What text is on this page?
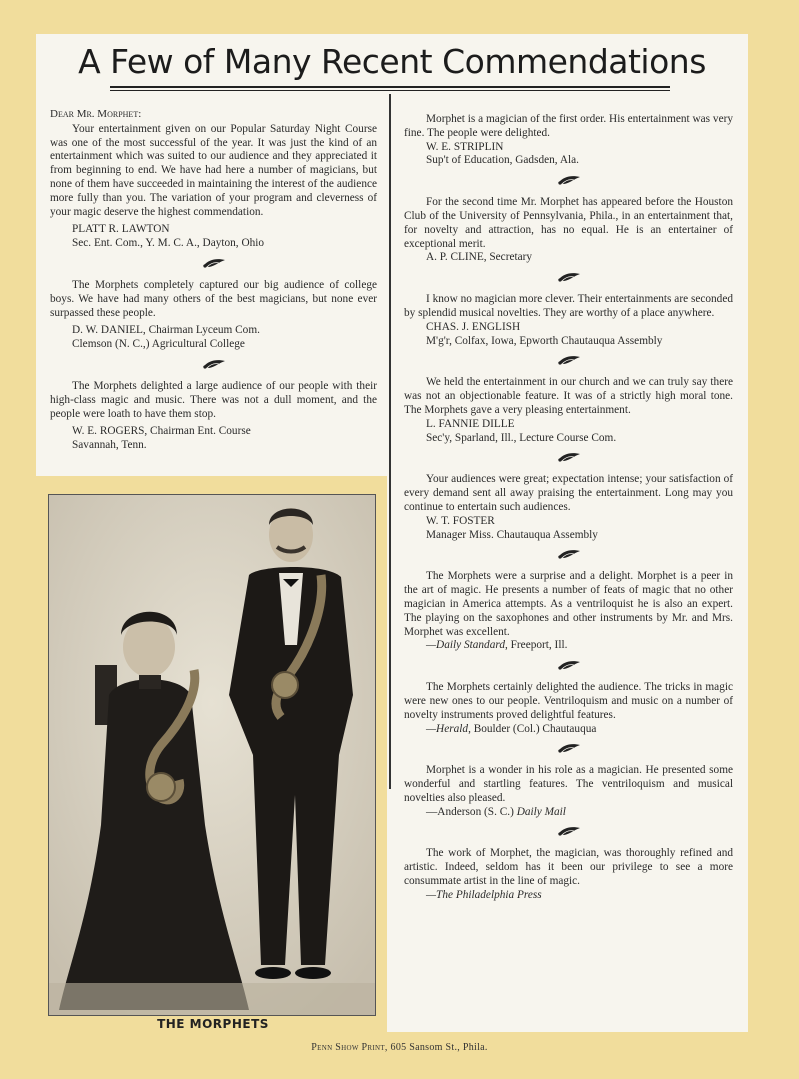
A Few of Many Recent Commendations

Dear Mr. Morphet:

Your entertainment given on our Popular Saturday Night Course was one of the most successful of the year. It was just the kind of an entertainment which was suited to our audience and they appreciated it from beginning to end. We have had here a number of magicians, but none of them have succeeded in maintaining the interest of the audience more fully than you. The variation of your program and cleverness of your magic deserve the highest commendation.

PLATT R. LAWTON

Sec. Ent. Com., Y. M. C. A., Dayton, Ohio

The Morphets completely captured our big audience of college boys. We have had many others of the best magicians, but none ever surpassed these people.

D. W. DANIEL, Chairman Lyceum Com.

Clemson (N. C.,) Agricultural College

The Morphets delighted a large audience of our people with their high-class magic and music. There was not a dull moment, and the people were loath to have them stop.

W. E. ROGERS, Chairman Ent. Course

Savannah, Tenn.

THE MORPHETS

Morphet is a magician of the first order. His entertainment was very fine. The people were delighted.

W. E. STRIPLIN

Sup't of Education, Gadsden, Ala.

For the second time Mr. Morphet has appeared before the Houston Club of the University of Pennsylvania, Phila., in an entertainment that, for novelty and attraction, has no equal. He is an entertainer of exceptional merit.

A. P. CLINE, Secretary

I know no magician more clever. Their entertainments are seconded by splendid musical novelties. They are worthy of a place anywhere.

CHAS. J. ENGLISH

M'g'r, Colfax, Iowa, Epworth Chautauqua Assembly

We held the entertainment in our church and we can truly say there was not an objectionable feature. It was of a strictly high moral tone. The Morphets gave a very pleasing entertainment.

L. FANNIE DILLE

Sec'y, Sparland, Ill., Lecture Course Com.

Your audiences were great; expectation intense; your satisfaction of every demand sent all away praising the entertainment. Long may you continue to entertain such audiences.

W. T. FOSTER

Manager Miss. Chautauqua Assembly

The Morphets were a surprise and a delight. Morphet is a peer in the art of magic. He presents a number of feats of magic that no other magician in America attempts. As a ventriloquist he is also an expert. The playing on the saxophones and other instruments by Mr. and Mrs. Morphet was excellent.

—Daily Standard, Freeport, Ill.

The Morphets certainly delighted the audience. The tricks in magic were new ones to our people. Ventriloquism and music on a number of novelty instruments proved delightful features.

—Herald, Boulder (Col.) Chautauqua

Morphet is a wonder in his role as a magician. He presented some wonderful and startling features. The ventriloquism and musical novelties also pleased.

—Anderson (S. C.) Daily Mail

The work of Morphet, the magician, was thoroughly refined and artistic. Indeed, seldom has it been our privilege to see a more consummate artist in the line of magic.

—The Philadelphia Press

Penn Show Print, 605 Sansom St., Phila.
